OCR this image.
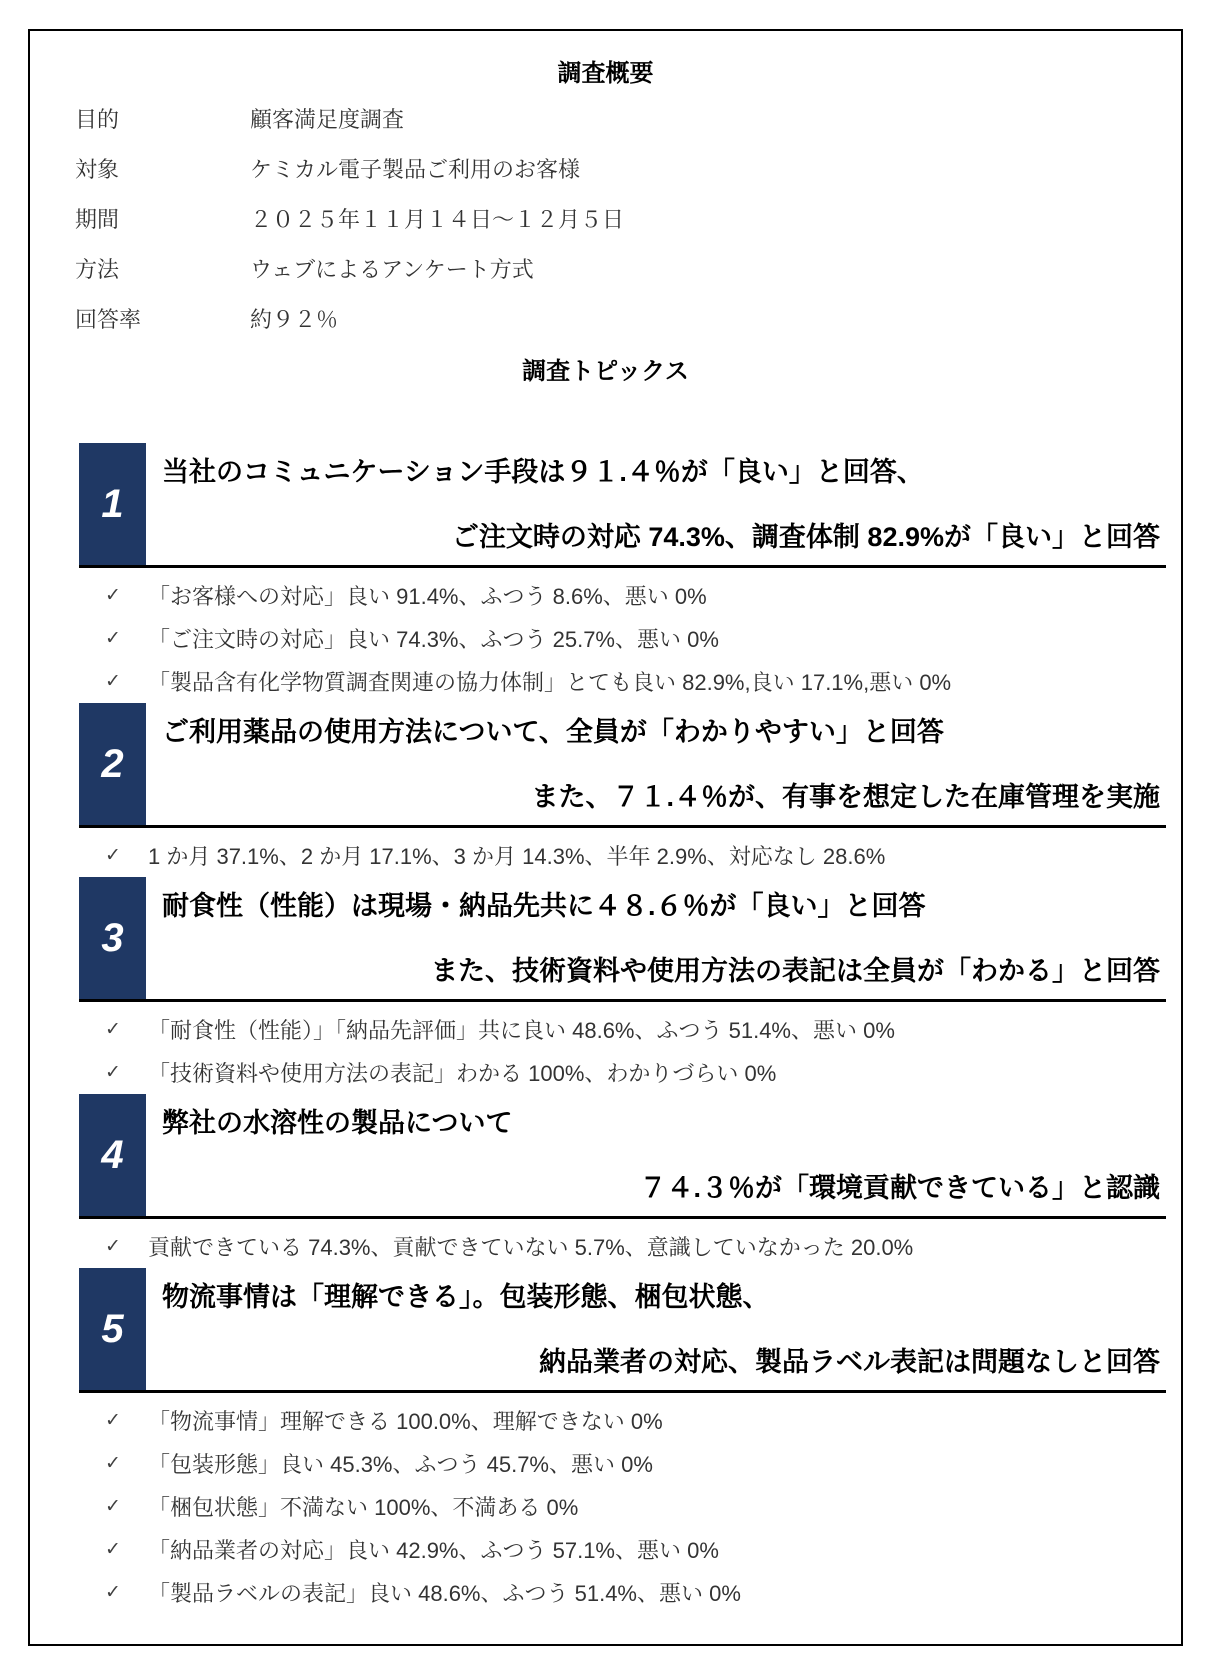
調査概要
目的	顧客満足度調査
対象	ケミカル電子製品ご利用のお客様
期間	２０２５年１１月１４日～１２月５日
方法	ウェブによるアンケート方式
回答率	約９２％
調査トピックス
1
当社のコミュニケーション手段は９１.４％が「良い」と回答、
ご注文時の対応 74.3%、調査体制 82.9%が「良い」と回答
✓	「お客様への対応」良い 91.4%、ふつう 8.6%、悪い 0%
✓	「ご注文時の対応」良い 74.3%、ふつう 25.7%、悪い 0%
✓	「製品含有化学物質調査関連の協力体制」とても良い 82.9%,良い 17.1%,悪い 0%
2
ご利用薬品の使用方法について、全員が「わかりやすい」と回答
また、７１.４％が、有事を想定した在庫管理を実施
✓	1 か月 37.1%、2 か月 17.1%、3 か月 14.3%、半年 2.9%、対応なし 28.6%
3
耐食性（性能）は現場・納品先共に４８.６％が「良い」と回答
また、技術資料や使用方法の表記は全員が「わかる」と回答
✓	「耐食性（性能）」「納品先評価」共に良い 48.6%、ふつう 51.4%、悪い 0%
✓	「技術資料や使用方法の表記」わかる 100%、わかりづらい 0%
4
弊社の水溶性の製品について
７４.３％が「環境貢献できている」と認識
✓	貢献できている 74.3%、貢献できていない 5.7%、意識していなかった 20.0%
5
物流事情は「理解できる」。包装形態、梱包状態、
納品業者の対応、製品ラベル表記は問題なしと回答
✓	「物流事情」理解できる 100.0%、理解できない 0%
✓	「包装形態」良い 45.3%、ふつう 45.7%、悪い 0%
✓	「梱包状態」不満ない 100%、不満ある 0%
✓	「納品業者の対応」良い 42.9%、ふつう 57.1%、悪い 0%
✓	「製品ラベルの表記」良い 48.6%、ふつう 51.4%、悪い 0%
